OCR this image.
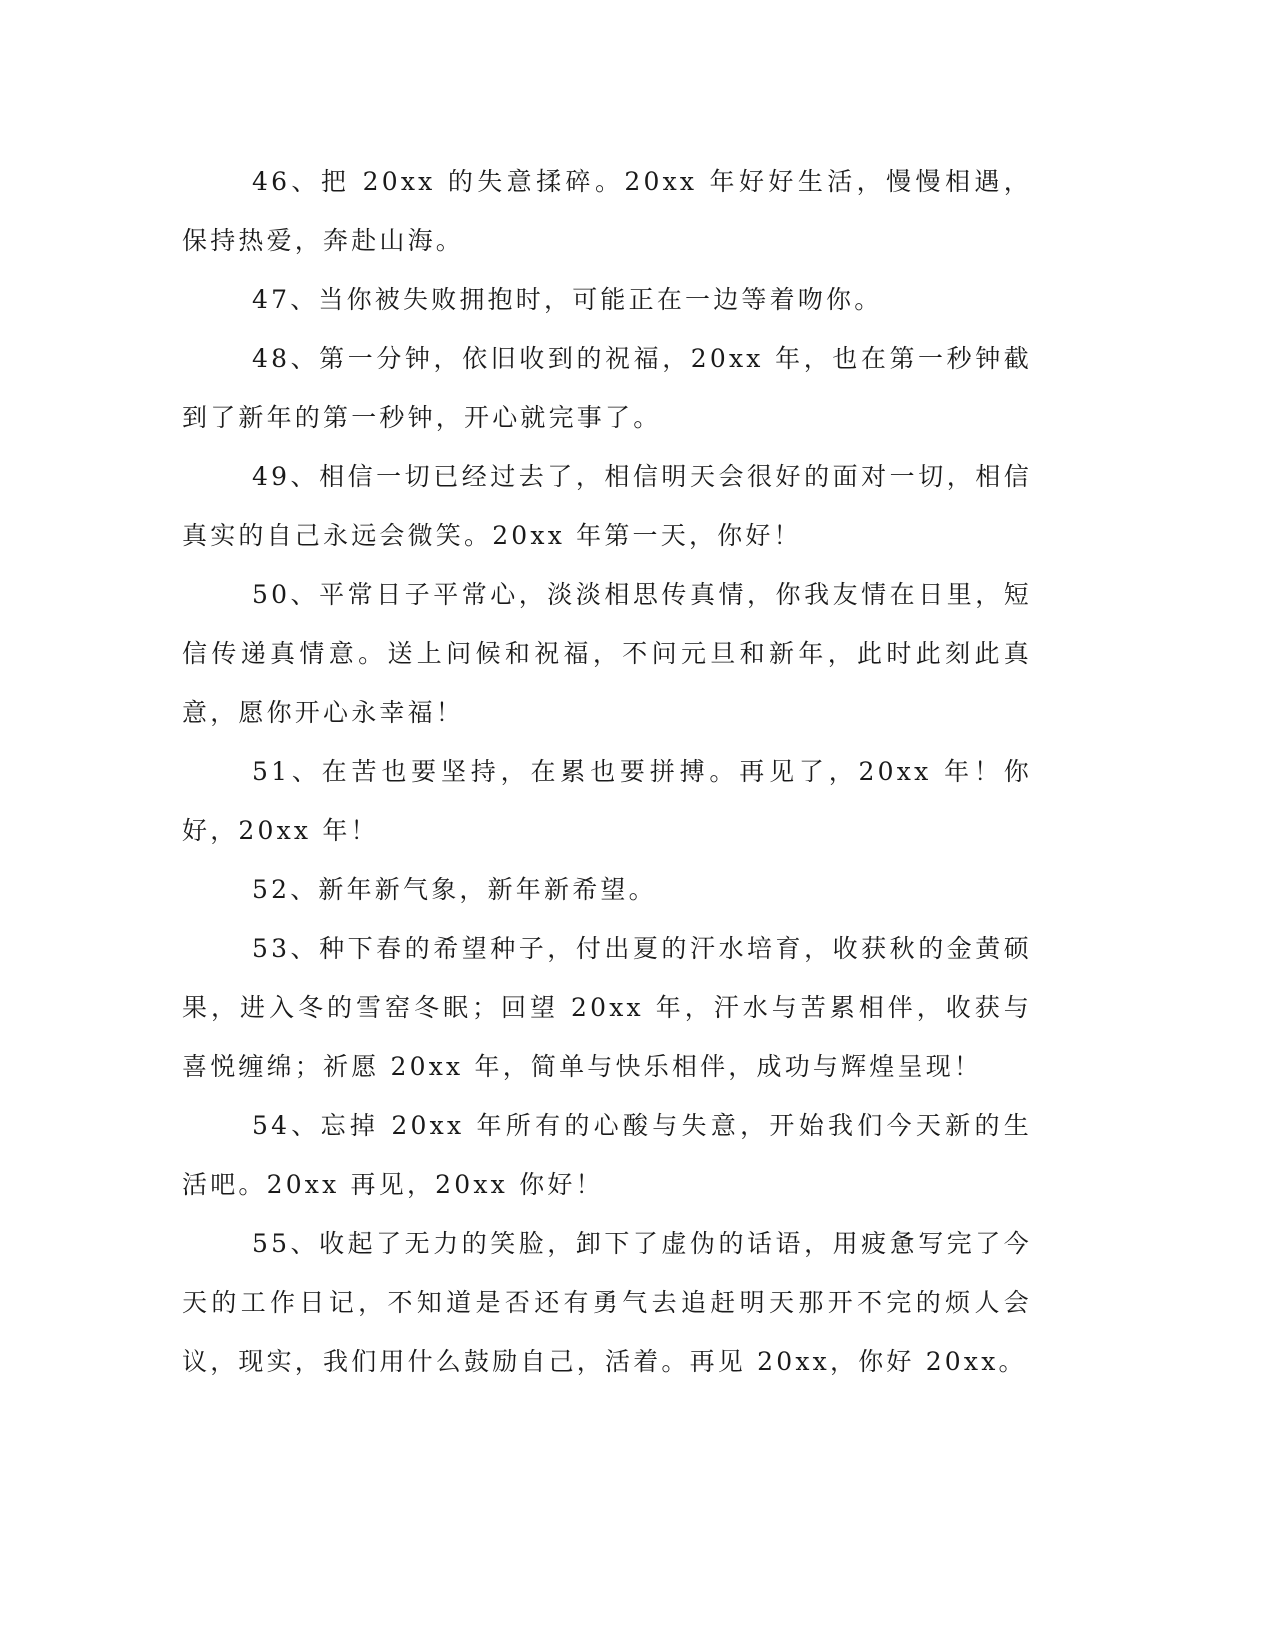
46、把 20xx 的失意揉碎。20xx 年好好生活，慢慢相遇，保持热爱，奔赴山海。

47、当你被失败拥抱时，可能正在一边等着吻你。

48、第一分钟，依旧收到的祝福，20xx 年，也在第一秒钟截到了新年的第一秒钟，开心就完事了。

49、相信一切已经过去了，相信明天会很好的面对一切，相信真实的自己永远会微笑。20xx 年第一天，你好！

50、平常日子平常心，淡淡相思传真情，你我友情在日里，短信传递真情意。送上问候和祝福，不问元旦和新年，此时此刻此真意，愿你开心永幸福！

51、在苦也要坚持，在累也要拼搏。再见了，20xx 年！你好，20xx 年！

52、新年新气象，新年新希望。

53、种下春的希望种子，付出夏的汗水培育，收获秋的金黄硕果，进入冬的雪窑冬眠；回望 20xx 年，汗水与苦累相伴，收获与喜悦缠绵；祈愿 20xx 年，简单与快乐相伴，成功与辉煌呈现！

54、忘掉 20xx 年所有的心酸与失意，开始我们今天新的生活吧。20xx 再见，20xx 你好！

55、收起了无力的笑脸，卸下了虚伪的话语，用疲惫写完了今天的工作日记，不知道是否还有勇气去追赶明天那开不完的烦人会议，现实，我们用什么鼓励自己，活着。再见 20xx，你好 20xx。
